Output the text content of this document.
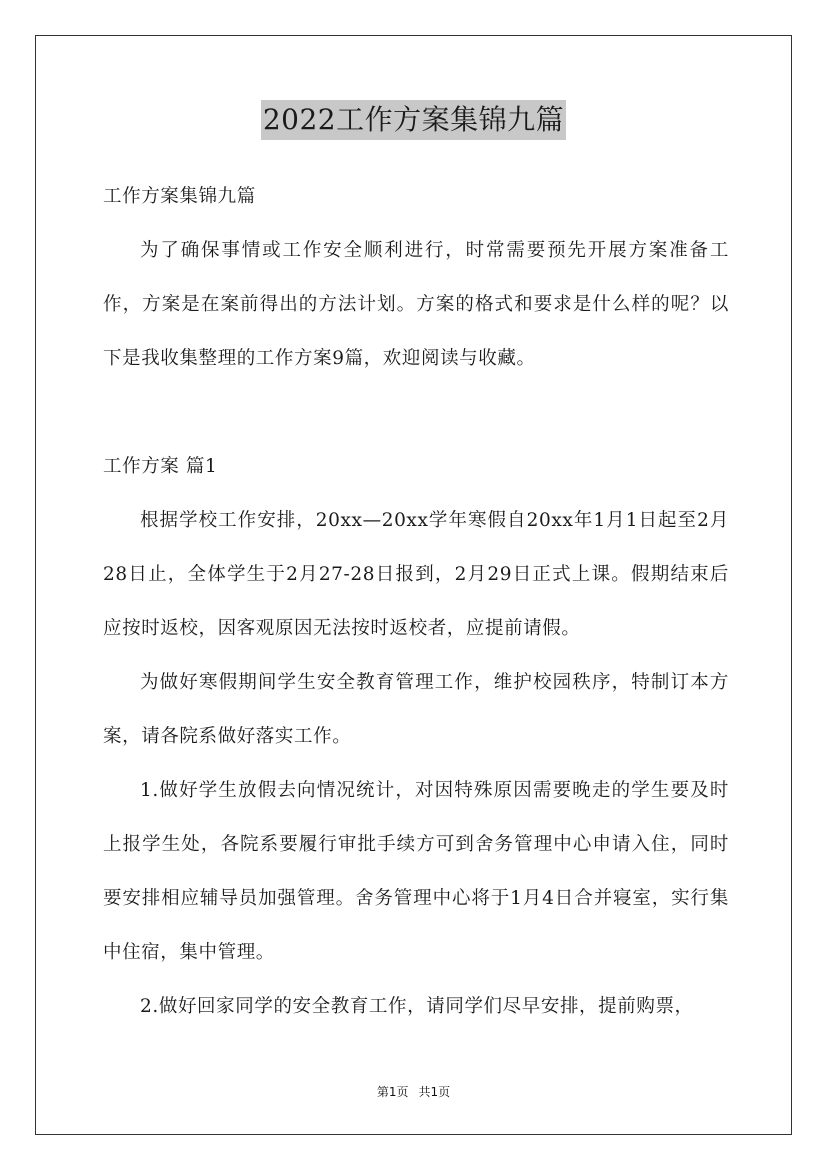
2022工作方案集锦九篇

工作方案集锦九篇

为了确保事情或工作安全顺利进行，时常需要预先开展方案准备工作，方案是在案前得出的方法计划。方案的格式和要求是什么样的呢？以下是我收集整理的工作方案9篇，欢迎阅读与收藏。

工作方案 篇1

根据学校工作安排，20xx—20xx学年寒假自20xx年1月1日起至2月28日止，全体学生于2月27-28日报到，2月29日正式上课。假期结束后应按时返校，因客观原因无法按时返校者，应提前请假。

为做好寒假期间学生安全教育管理工作，维护校园秩序，特制订本方案，请各院系做好落实工作。

1.做好学生放假去向情况统计，对因特殊原因需要晚走的学生要及时上报学生处，各院系要履行审批手续方可到舍务管理中心申请入住，同时要安排相应辅导员加强管理。舍务管理中心将于1月4日合并寝室，实行集中住宿，集中管理。

2.做好回家同学的安全教育工作，请同学们尽早安排，提前购票，

第1页 共1页
